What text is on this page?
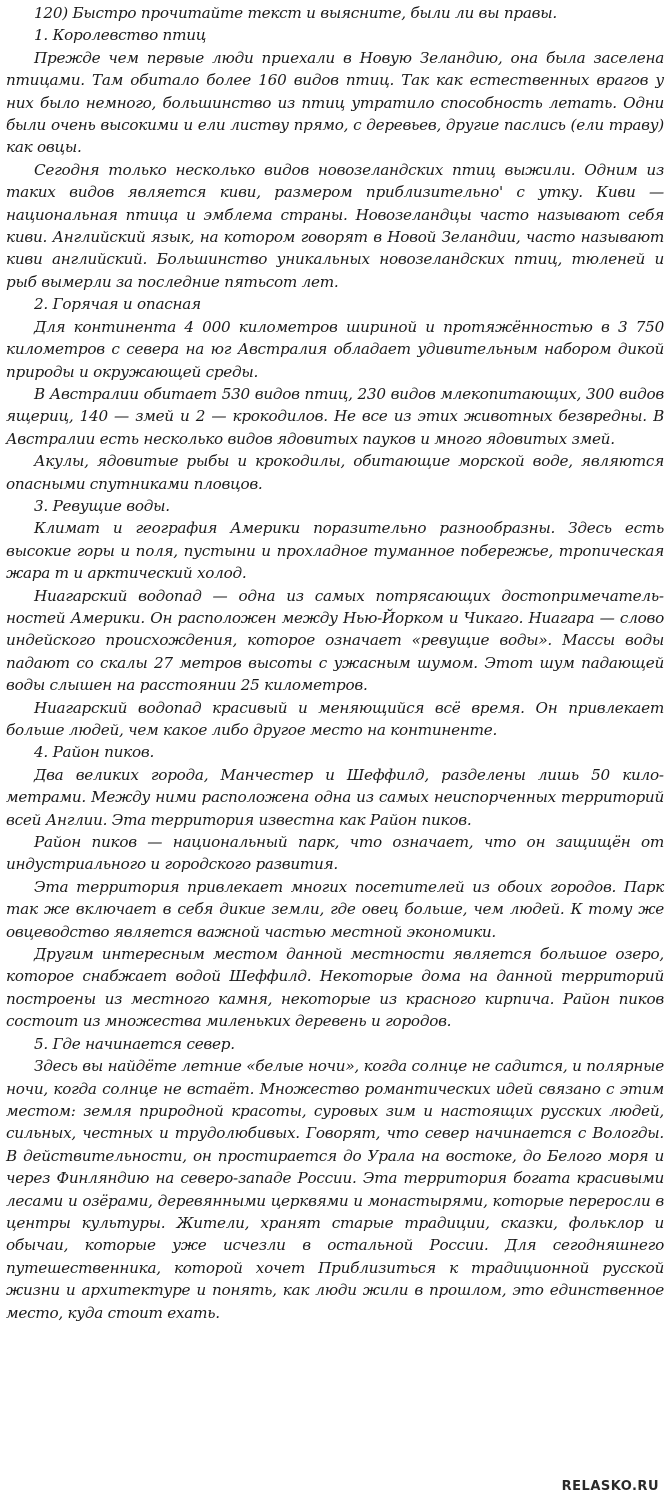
120) Быстро прочитайте текст и выясните, были ли вы правы.

1. Королевство птиц

Прежде чем первые люди приехали в Новую Зеландию, она была заселена птицами. Там обитало более 160 видов птиц. Так как естественных врагов у них было немного, большинство из птиц утратило способность летать. Одни были очень высокими и ели листву прямо, с деревьев, другие паслись (ели траву) как овцы.

Сегодня только несколько видов новозеландских птиц выжили. Одним из таких видов является киви, размером приблизительно' с утку. Киви — национальная птица и эмблема страны. Новозеландцы часто называют себя киви. Английский язык, на котором говорят в Новой Зеландии, часто называют киви английский. Большинство уникальных новозеландских птиц, тюленей и рыб вымерли за последние пятьсот лет.

2. Горячая и опасная

Для континента 4 000 километров шириной и протяжённостью в 3 750 километров с севера на юг Австралия обладает удивительным набором дикой природы и окружающей среды.

В Австралии обитает 530 видов птиц, 230 видов млекопитающих, 300 видов ящериц, 140 — змей и 2 — крокодилов. Не все из этих животных безвредны. В Австралии есть несколько видов ядовитых пауков и много ядовитых змей.

Акулы, ядовитые рыбы и крокодилы, обитающие морской воде, являются опасными спутниками пловцов.

3. Ревущие воды.

Климат и география Америки поразительно разнообразны. Здесь есть высокие горы и поля, пустыни и прохладное туманное побережье, тропическая жара т и арктический холод.

Ниагарский водопад — одна из самых потрясающих достопримечательностей Америки. Он расположен между Нью-Йорком и Чикаго. Ниагара — слово индейского происхождения, которое означает «ревущие воды». Массы воды падают со скалы 27 метров высоты с ужасным шумом. Этот шум падающей воды слышен на расстоянии 25 километров.

Ниагарский водопад красивый и меняющийся всё время. Он привлекает больше людей, чем какое либо другое место на континенте.

4. Район пиков.

Два великих города, Манчестер и Шеффилд, разделены лишь 50 километрами. Между ними расположена одна из самых неиспорченных территорий всей Англии. Эта территория известна как Район пиков.

Район пиков — национальный парк, что означает, что он защищён от индустриального и городского развития.

Эта территория привлекает многих посетителей из обоих городов. Парк так же включает в себя дикие земли, где овец больше, чем людей. К тому же овцеводство является важной частью местной экономики.

Другим интересным местом данной местности является большое озеро, которое снабжает водой Шеффилд. Некоторые дома на данной территорий построены из местного камня, некоторые из красного кирпича. Район пиков состоит из множества миленьких деревень и городов.

5. Где начинается север.

Здесь вы найдёте летние «белые ночи», когда солнце не садится, и полярные ночи, когда солнце не встаёт. Множество романтических идей связано с этим местом: земля природной красоты, суровых зим и настоящих русских людей, сильных, честных и трудолюбивых. Говорят, что север начинается с Вологды. В действительности, он простирается до Урала на востоке, до Белого моря и через Финляндию на северо-западе России. Эта территория богата красивыми лесами и озёрами, деревянными церквями и монастырями, которые переросли в центры культуры. Жители, хранят старые традиции, сказки, фольклор и обычаи, которые уже исчезли в остальной России. Для сегодняшнего путешественника, которой хочет Приблизиться к традиционной русской жизни и архитектуре и понять, как люди жили в прошлом, это единственное место, куда стоит ехать.

RELASKO.RU
